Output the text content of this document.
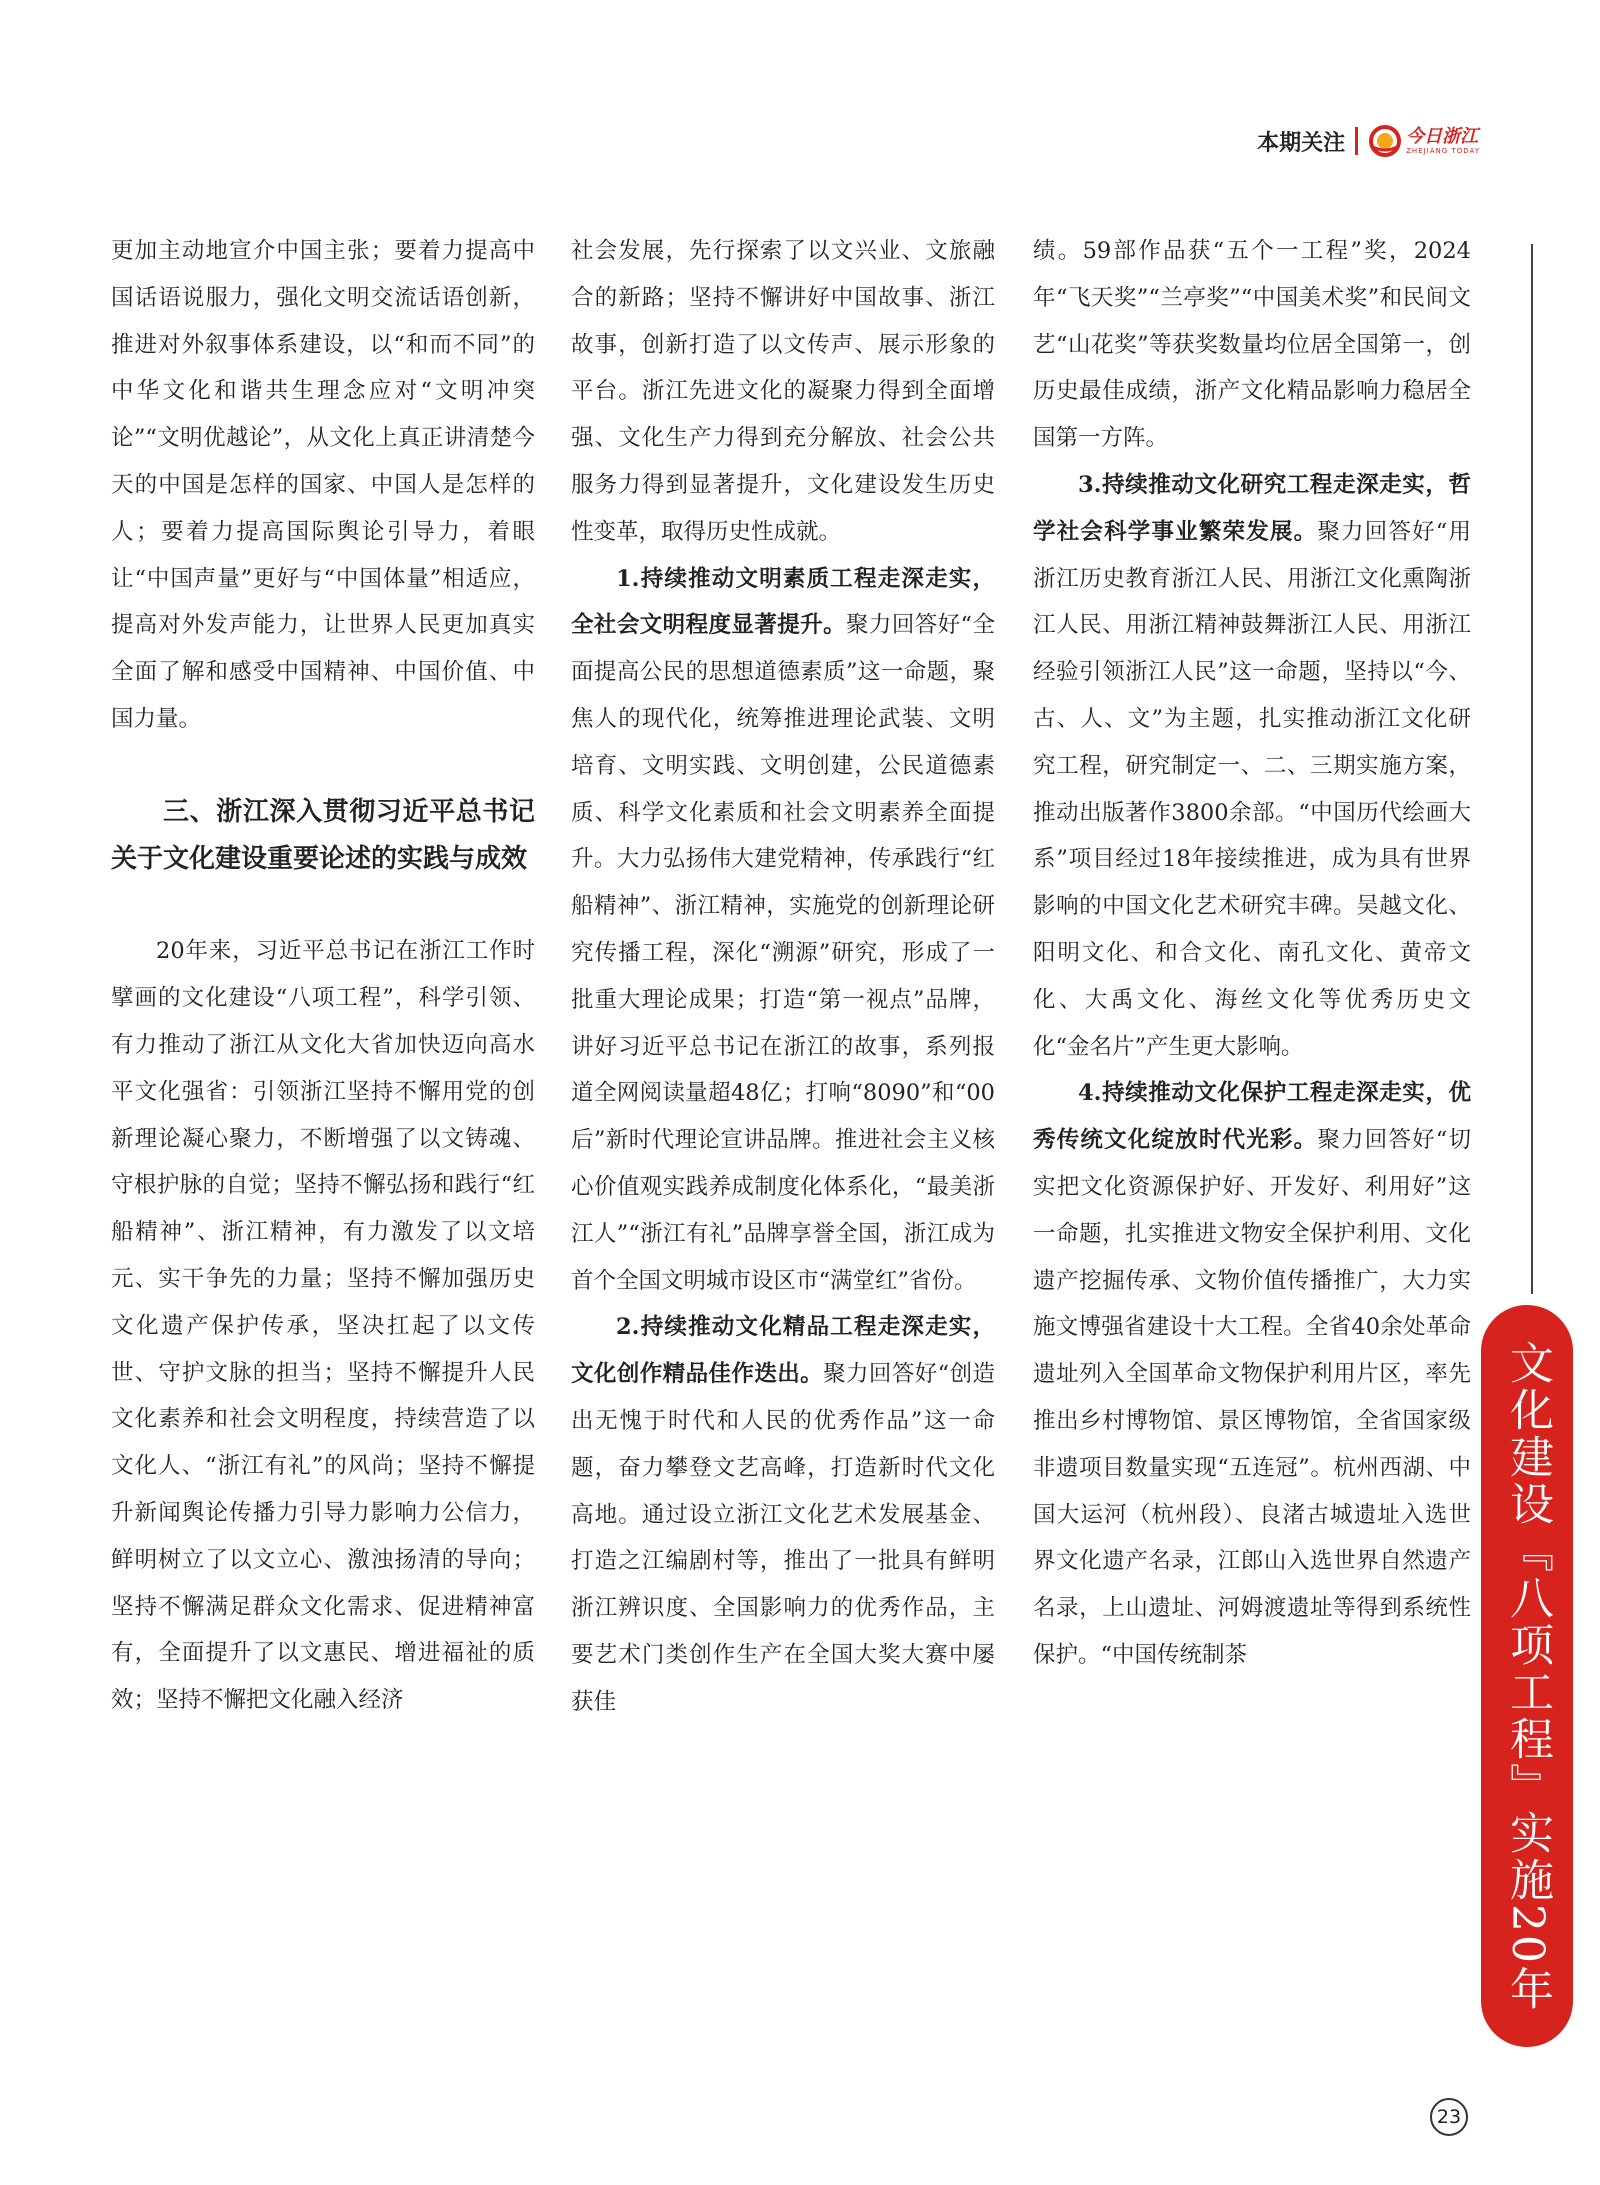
本期关注	今日浙江
ZHEJIANG TODAY

更加主动地宣介中国主张；要着力提高中国话语说服力，强化文明交流话语创新，推进对外叙事体系建设，以“和而不同”的中华文化和谐共生理念应对“文明冲突论”“文明优越论”，从文化上真正讲清楚今天的中国是怎样的国家、中国人是怎样的人；要着力提高国际舆论引导力，着眼让“中国声量”更好与“中国体量”相适应，提高对外发声能力，让世界人民更加真实全面了解和感受中国精神、中国价值、中国力量。

三、浙江深入贯彻习近平总书记关于文化建设重要论述的实践与成效

20年来，习近平总书记在浙江工作时擘画的文化建设“八项工程”，科学引领、有力推动了浙江从文化大省加快迈向高水平文化强省：引领浙江坚持不懈用党的创新理论凝心聚力，不断增强了以文铸魂、守根护脉的自觉；坚持不懈弘扬和践行“红船精神”、浙江精神，有力激发了以文培元、实干争先的力量；坚持不懈加强历史文化遗产保护传承，坚决扛起了以文传世、守护文脉的担当；坚持不懈提升人民文化素养和社会文明程度，持续营造了以文化人、“浙江有礼”的风尚；坚持不懈提升新闻舆论传播力引导力影响力公信力，鲜明树立了以文立心、激浊扬清的导向；坚持不懈满足群众文化需求、促进精神富有，全面提升了以文惠民、增进福祉的质效；坚持不懈把文化融入经济

社会发展，先行探索了以文兴业、文旅融合的新路；坚持不懈讲好中国故事、浙江故事，创新打造了以文传声、展示形象的平台。浙江先进文化的凝聚力得到全面增强、文化生产力得到充分解放、社会公共服务力得到显著提升，文化建设发生历史性变革，取得历史性成就。

1.持续推动文明素质工程走深走实，全社会文明程度显著提升。聚力回答好“全面提高公民的思想道德素质”这一命题，聚焦人的现代化，统筹推进理论武装、文明培育、文明实践、文明创建，公民道德素质、科学文化素质和社会文明素养全面提升。大力弘扬伟大建党精神，传承践行“红船精神”、浙江精神，实施党的创新理论研究传播工程，深化“溯源”研究，形成了一批重大理论成果；打造“第一视点”品牌，讲好习近平总书记在浙江的故事，系列报道全网阅读量超48亿；打响“8090”和“00后”新时代理论宣讲品牌。推进社会主义核心价值观实践养成制度化体系化，“最美浙江人”“浙江有礼”品牌享誉全国，浙江成为首个全国文明城市设区市“满堂红”省份。

2.持续推动文化精品工程走深走实，文化创作精品佳作迭出。聚力回答好“创造出无愧于时代和人民的优秀作品”这一命题，奋力攀登文艺高峰，打造新时代文化高地。通过设立浙江文化艺术发展基金、打造之江编剧村等，推出了一批具有鲜明浙江辨识度、全国影响力的优秀作品，主要艺术门类创作生产在全国大奖大赛中屡获佳

绩。59部作品获“五个一工程”奖，2024年“飞天奖”“兰亭奖”“中国美术奖”和民间文艺“山花奖”等获奖数量均位居全国第一，创历史最佳成绩，浙产文化精品影响力稳居全国第一方阵。

3.持续推动文化研究工程走深走实，哲学社会科学事业繁荣发展。聚力回答好“用浙江历史教育浙江人民、用浙江文化熏陶浙江人民、用浙江精神鼓舞浙江人民、用浙江经验引领浙江人民”这一命题，坚持以“今、古、人、文”为主题，扎实推动浙江文化研究工程，研究制定一、二、三期实施方案，推动出版著作3800余部。“中国历代绘画大系”项目经过18年接续推进，成为具有世界影响的中国文化艺术研究丰碑。吴越文化、阳明文化、和合文化、南孔文化、黄帝文化、大禹文化、海丝文化等优秀历史文化“金名片”产生更大影响。

4.持续推动文化保护工程走深走实，优秀传统文化绽放时代光彩。聚力回答好“切实把文化资源保护好、开发好、利用好”这一命题，扎实推进文物安全保护利用、文化遗产挖掘传承、文物价值传播推广，大力实施文博强省建设十大工程。全省40余处革命遗址列入全国革命文物保护利用片区，率先推出乡村博物馆、景区博物馆，全省国家级非遗项目数量实现“五连冠”。杭州西湖、中国大运河（杭州段）、良渚古城遗址入选世界文化遗产名录，江郎山入选世界自然遗产名录，上山遗址、河姆渡遗址等得到系统性保护。“中国传统制茶	文化建设『八项工程』实施20年
23
